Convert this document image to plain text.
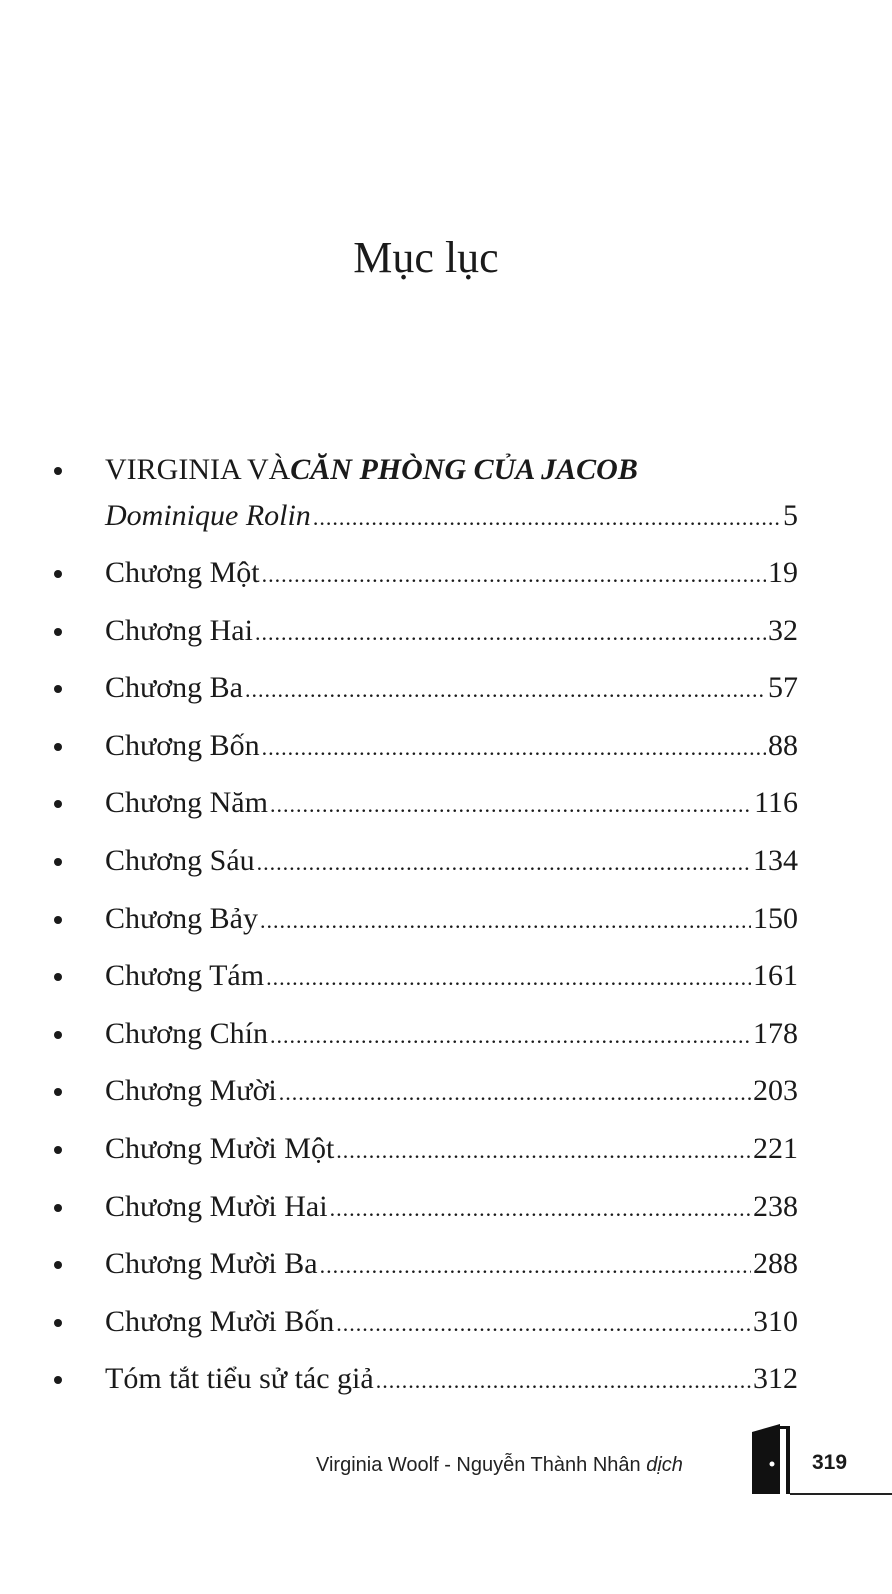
Mục lục
VIRGINIA VÀ CĂN PHÒNG CỦA JACOB
Dominique Rolin .....	5
Chương Một .....	19
Chương Hai .....	32
Chương Ba .....	57
Chương Bốn .....	88
Chương Năm .....	116
Chương Sáu .....	134
Chương Bảy .....	150
Chương Tám .....	161
Chương Chín .....	178
Chương Mười .....	203
Chương Mười Một .....	221
Chương Mười Hai .....	238
Chương Mười Ba .....	288
Chương Mười Bốn .....	310
Tóm tắt tiểu sử tác giả .....	312
Virginia Woolf - Nguyễn Thành Nhân dịch	319
